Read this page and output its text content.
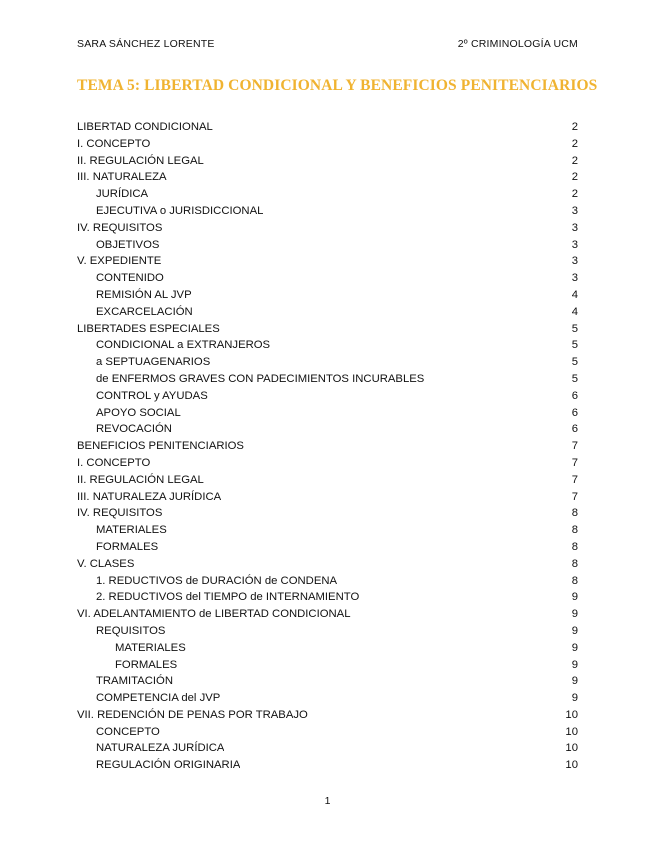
SARA SÁNCHEZ LORENTE	2º CRIMINOLOGÍA UCM
TEMA 5: LIBERTAD CONDICIONAL Y BENEFICIOS PENITENCIARIOS
LIBERTAD CONDICIONAL	2
I. CONCEPTO	2
II. REGULACIÓN LEGAL	2
III. NATURALEZA	2
JURÍDICA	2
EJECUTIVA o JURISDICCIONAL	3
IV. REQUISITOS	3
OBJETIVOS	3
V. EXPEDIENTE	3
CONTENIDO	3
REMISIÓN AL JVP	4
EXCARCELACIÓN	4
LIBERTADES ESPECIALES	5
CONDICIONAL a EXTRANJEROS	5
a SEPTUAGENARIOS	5
de ENFERMOS GRAVES CON PADECIMIENTOS INCURABLES	5
CONTROL y AYUDAS	6
APOYO SOCIAL	6
REVOCACIÓN	6
BENEFICIOS PENITENCIARIOS	7
I. CONCEPTO	7
II. REGULACIÓN LEGAL	7
III. NATURALEZA JURÍDICA	7
IV. REQUISITOS	8
MATERIALES	8
FORMALES	8
V. CLASES	8
1. REDUCTIVOS de DURACIÓN de CONDENA	8
2. REDUCTIVOS del TIEMPO de INTERNAMIENTO	9
VI. ADELANTAMIENTO de LIBERTAD CONDICIONAL	9
REQUISITOS	9
MATERIALES	9
FORMALES	9
TRAMITACIÓN	9
COMPETENCIA del JVP	9
VII. REDENCIÓN DE PENAS POR TRABAJO	10
CONCEPTO	10
NATURALEZA JURÍDICA	10
REGULACIÓN ORIGINARIA	10
1
